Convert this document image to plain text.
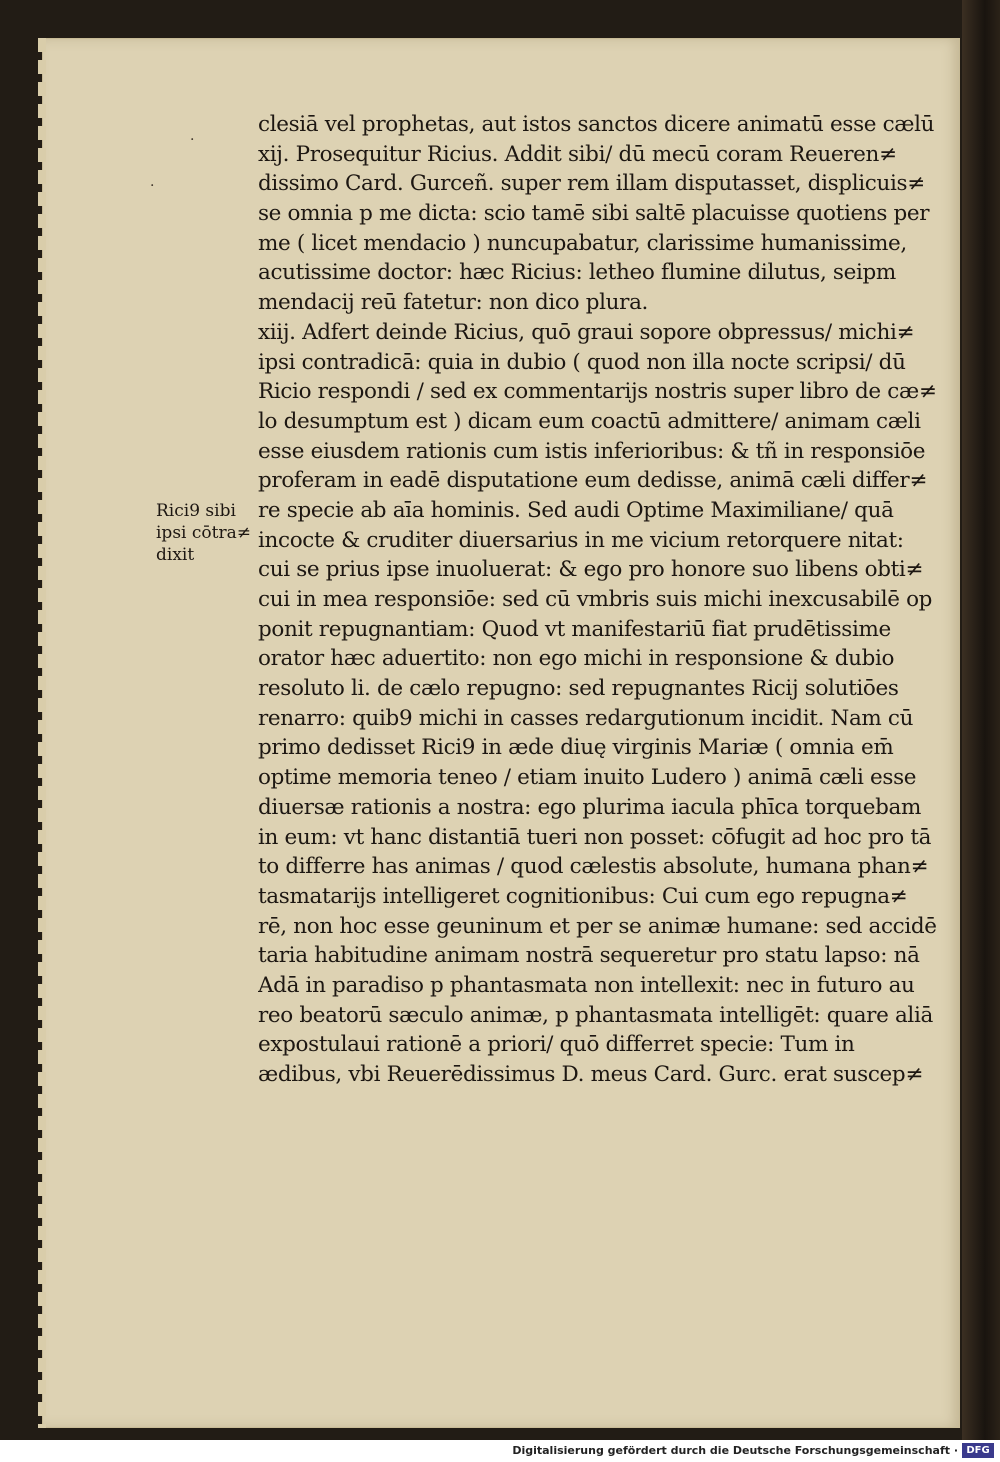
·
·
Rici9 sibi
ipsi cōtra≠
dixit
clesiā vel prophetas, aut istos sanctos dicere animatū esse cælū
xij. Prosequitur Ricius. Addit sibi/ dū mecū coram Reueren≠
dissimo Card. Gurceñ. super rem illam disputasset, displicuis≠
se omnia p me dicta: scio tamē sibi saltē placuisse quotiens per
me ( licet mendacio ) nuncupabatur, clarissime humanissime,
acutissime doctor: hæc Ricius: letheo flumine dilutus, seipm
mendacij reū fatetur: non dico plura.
xiij. Adfert deinde Ricius, quō graui sopore obpressus/ michi≠
ipsi contradicā: quia in dubio ( quod non illa nocte scripsi/ dū
Ricio respondi / sed ex commentarijs nostris super libro de cæ≠
lo desumptum est ) dicam eum coactū admittere/ animam cæli
esse eiusdem rationis cum istis inferioribus: & tñ in responsiōe
proferam in eadē disputatione eum dedisse, animā cæli differ≠
re specie ab aīa hominis. Sed audi Optime Maximiliane/ quā
incocte & cruditer diuersarius in me vicium retorquere nitat:
cui se prius ipse inuoluerat: & ego pro honore suo libens obti≠
cui in mea responsiōe: sed cū vmbris suis michi inexcusabilē op
ponit repugnantiam: Quod vt manifestariū fiat prudētissime
orator hæc aduertito: non ego michi in responsione & dubio
resoluto li. de cælo repugno: sed repugnantes Ricij solutiōes
renarro: quib9 michi in casses redargutionum incidit. Nam cū
primo dedisset Rici9 in æde diuę virginis Mariæ ( omnia em̄
optime memoria teneo / etiam inuito Ludero ) animā cæli esse
diuersæ rationis a nostra: ego plurima iacula phīca torquebam
in eum: vt hanc distantiā tueri non posset: cōfugit ad hoc pro tā
to differre has animas / quod cælestis absolute, humana phan≠
tasmatarijs intelligeret cognitionibus: Cui cum ego repugna≠
rē, non hoc esse geuninum et per se animæ humane: sed accidē
taria habitudine animam nostrā sequeretur pro statu lapso: nā
Adā in paradiso p phantasmata non intellexit: nec in futuro au
reo beatorū sæculo animæ, p phantasmata intelligēt: quare aliā
expostulaui rationē a priori/ quō differret specie: Tum in
ædibus, vbi Reuerēdissimus D. meus Card. Gurc. erat suscep≠
Digitalisierung gefördert durch die Deutsche Forschungsgemeinschaft · DFG
